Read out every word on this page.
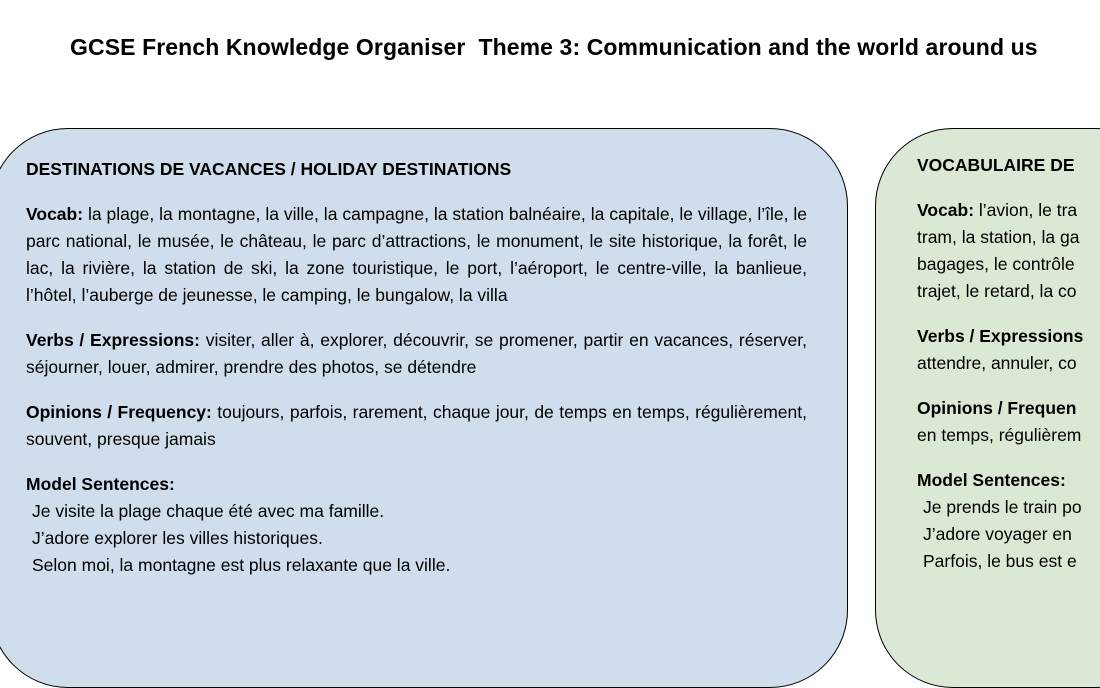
GCSE French Knowledge Organiser  Theme 3: Communication and the world around us
DESTINATIONS DE VACANCES / HOLIDAY DESTINATIONS

Vocab: la plage, la montagne, la ville, la campagne, la station balnéaire, la capitale, le village, l’île, le parc national, le musée, le château, le parc d’attractions, le monument, le site historique, la forêt, le lac, la rivière, la station de ski, la zone touristique, le port, l’aéroport, le centre-ville, la banlieue, l’hôtel, l’auberge de jeunesse, le camping, le bungalow, la villa

Verbs / Expressions: visiter, aller à, explorer, découvrir, se promener, partir en vacances, réserver, séjourner, louer, admirer, prendre des photos, se détendre

Opinions / Frequency: toujours, parfois, rarement, chaque jour, de temps en temps, régulièrement, souvent, presque jamais

Model Sentences:
Je visite la plage chaque été avec ma famille.
J’adore explorer les villes historiques.
Selon moi, la montagne est plus relaxante que la ville.
VOCABULAIRE DE

Vocab: l’avion, le tra
tram, la station, la ga
bagages, le contrôle
trajet, le retard, la co

Verbs / Expressions
attendre, annuler, co

Opinions / Frequen
en temps, régulièrem

Model Sentences:
Je prends le train po
J’adore voyager en
Parfois, le bus est e
